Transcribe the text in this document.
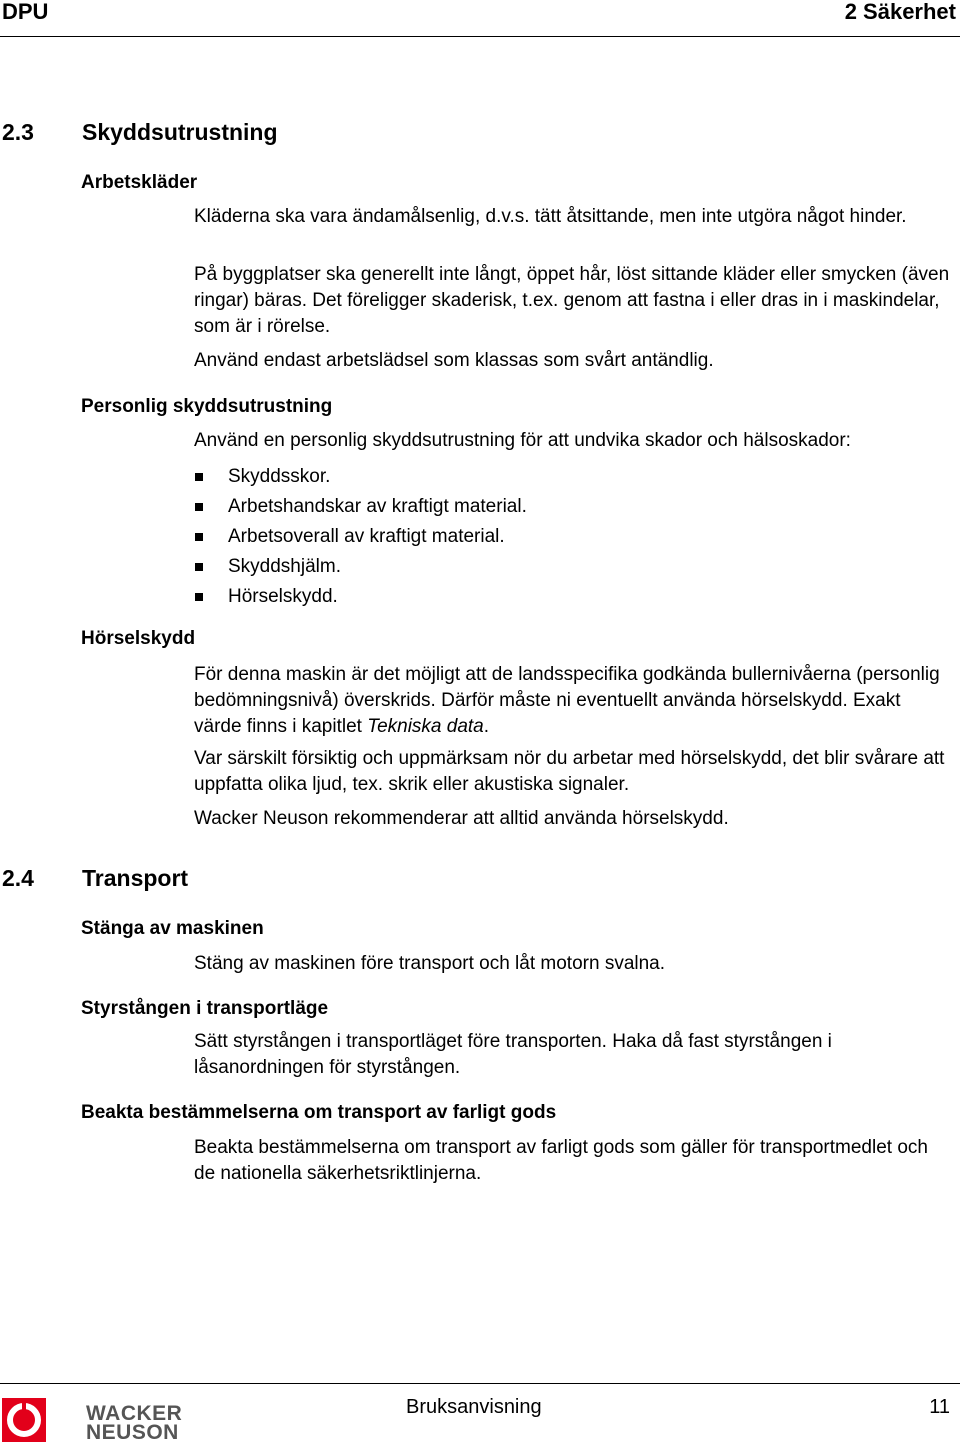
DPU	2 Säkerhet
2.3 Skyddsutrustning
Arbetskläder

Kläderna ska vara ändamålsenlig, d.v.s. tätt åtsittande, men inte utgöra något hinder.

På byggplatser ska generellt inte långt, öppet hår, löst sittande kläder eller smycken (även ringar) bäras. Det föreligger skaderisk, t.ex. genom att fastna i eller dras in i maskindelar, som är i rörelse.

Använd endast arbetslädsel som klassas som svårt antändlig.

Personlig skyddsutrustning

Använd en personlig skyddsutrustning för att undvika skador och hälsoskador:

Skyddsskor.
Arbetshandskar av kraftigt material.
Arbetsoverall av kraftigt material.
Skyddshjälm.
Hörselskydd.
Hörselskydd

För denna maskin är det möjligt att de landsspecifika godkända bullernivåerna (personlig bedömningsnivå) överskrids. Därför måste ni eventuellt använda hörselskydd. Exakt värde finns i kapitlet Tekniska data.

Var särskilt försiktig och uppmärksam nör du arbetar med hörselskydd, det blir svårare att uppfatta olika ljud, tex. skrik eller akustiska signaler.

Wacker Neuson rekommenderar att alltid använda hörselskydd.

2.4 Transport
Stänga av maskinen

Stäng av maskinen före transport och låt motorn svalna.

Styrstången i transportläge

Sätt styrstången i transportläget före transporten. Haka då fast styrstången i låsanordningen för styrstången.

Beakta bestämmelserna om transport av farligt gods

Beakta bestämmelserna om transport av farligt gods som gäller för transportmedlet och de nationella säkerhetsriktlinjerna.

WACKER
NEUSON
Bruksanvisning	11
